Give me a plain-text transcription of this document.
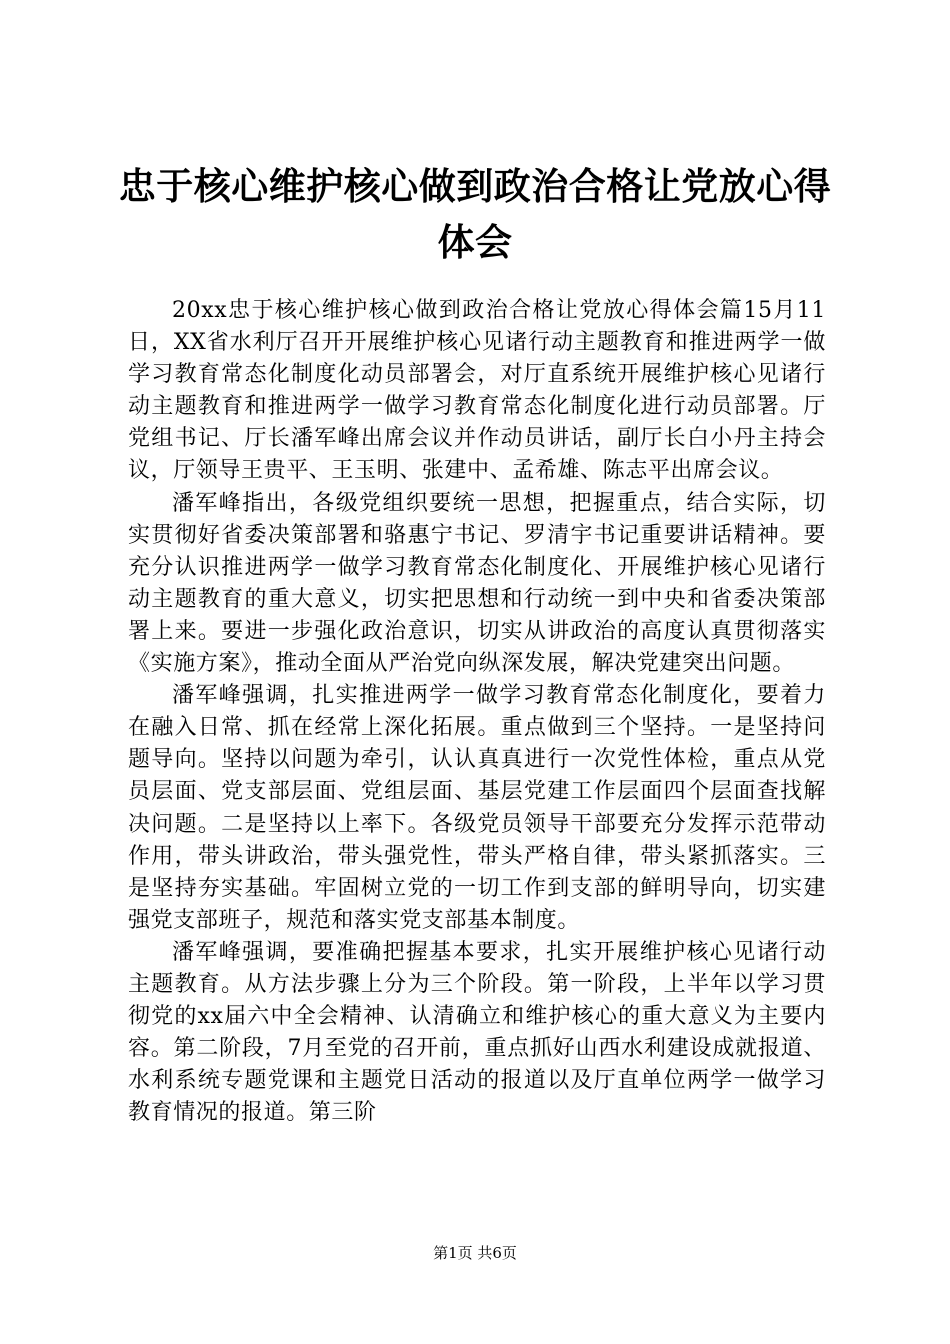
忠于核心维护核心做到政治合格让党放心得体会

20xx忠于核心维护核心做到政治合格让党放心得体会篇15月11日，XX省水利厅召开开展维护核心见诸行动主题教育和推进两学一做学习教育常态化制度化动员部署会，对厅直系统开展维护核心见诸行动主题教育和推进两学一做学习教育常态化制度化进行动员部署。厅党组书记、厅长潘军峰出席会议并作动员讲话，副厅长白小丹主持会议，厅领导王贵平、王玉明、张建中、孟希雄、陈志平出席会议。

潘军峰指出，各级党组织要统一思想，把握重点，结合实际，切实贯彻好省委决策部署和骆惠宁书记、罗清宇书记重要讲话精神。要充分认识推进两学一做学习教育常态化制度化、开展维护核心见诸行动主题教育的重大意义，切实把思想和行动统一到中央和省委决策部署上来。要进一步强化政治意识，切实从讲政治的高度认真贯彻落实《实施方案》，推动全面从严治党向纵深发展，解决党建突出问题。

潘军峰强调，扎实推进两学一做学习教育常态化制度化，要着力在融入日常、抓在经常上深化拓展。重点做到三个坚持。一是坚持问题导向。坚持以问题为牵引，认认真真进行一次党性体检，重点从党员层面、党支部层面、党组层面、基层党建工作层面四个层面查找解决问题。二是坚持以上率下。各级党员领导干部要充分发挥示范带动作用，带头讲政治，带头强党性，带头严格自律，带头紧抓落实。三是坚持夯实基础。牢固树立党的一切工作到支部的鲜明导向，切实建强党支部班子，规范和落实党支部基本制度。

潘军峰强调，要准确把握基本要求，扎实开展维护核心见诸行动主题教育。从方法步骤上分为三个阶段。第一阶段，上半年以学习贯彻党的xx届六中全会精神、认清确立和维护核心的重大意义为主要内容。第二阶段，7月至党的召开前，重点抓好山西水利建设成就报道、水利系统专题党课和主题党日活动的报道以及厅直单位两学一做学习教育情况的报道。第三阶

第1页 共6页
